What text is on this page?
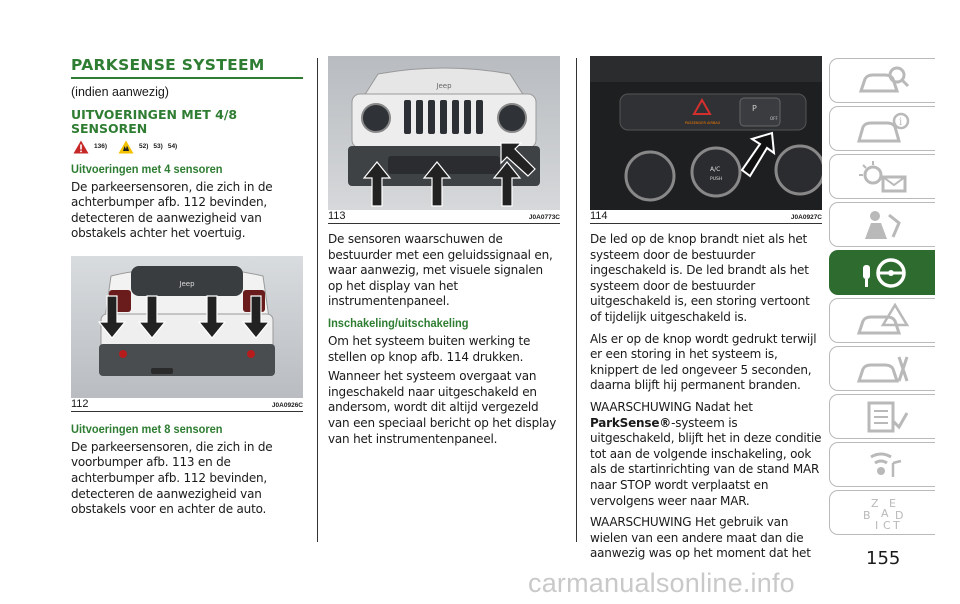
PARKSENSE SYSTEEM
(indien aanwezig)
UITVOERINGEN MET 4/8 SENSOREN
136)	52) 53) 54)
Uitvoeringen met 4 sensoren
De parkeersensoren, die zich in de achterbumper afb. 112 bevinden, detecteren de aanwezigheid van obstakels achter het voertuig.
Jeep
112	J0A0926C
Uitvoeringen met 8 sensoren
De parkeersensoren, die zich in de voorbumper afb. 113 en de achterbumper afb. 112 bevinden, detecteren de aanwezigheid van obstakels voor en achter de auto.
Jeep
113	J0A0773C
De sensoren waarschuwen de bestuurder met een geluidssignaal en, waar aanwezig, met visuele signalen op het display van het instrumentenpaneel.
Inschakeling/uitschakeling
Om het systeem buiten werking te stellen op knop afb. 114 drukken.
Wanneer het systeem overgaat van ingeschakeld naar uitgeschakeld en andersom, wordt dit altijd vergezeld van een speciaal bericht op het display van het instrumentenpaneel.
P
OFF
PASSENGER AIRBAG
A/C
PUSH
114	J0A0927C
De led op de knop brandt niet als het systeem door de bestuurder ingeschakeld is. De led brandt als het systeem door de bestuurder uitgeschakeld is, een storing vertoont of tijdelijk uitgeschakeld is.
Als er op de knop wordt gedrukt terwijl er een storing in het systeem is, knippert de led ongeveer 5 seconden, daarna blijft hij permanent branden.
WAARSCHUWING Nadat het
ParkSense®-systeem is uitgeschakeld, blijft het in deze conditie tot aan de volgende inschakeling, ook als de startinrichting van de stand MAR naar STOP wordt verplaatst en vervolgens weer naar MAR.
WAARSCHUWING Het gebruik van wielen van een andere maat dan die aanwezig was op het moment dat het
i
Z E
B A D
I C T
155
carmanualsonline.info
